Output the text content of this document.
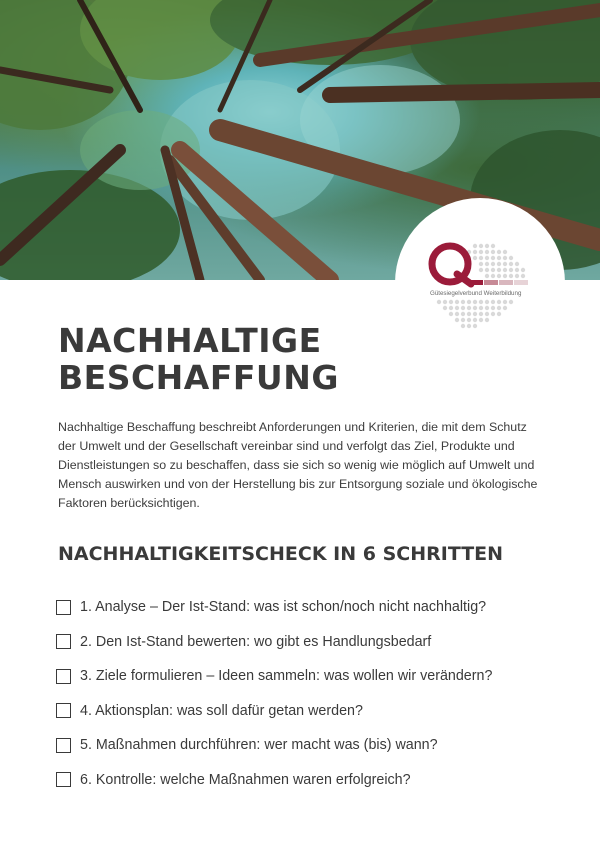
Gütesiegelverbund Weiterbildung
NACHHALTIGE
BESCHAFFUNG

Nachhaltige Beschaffung beschreibt Anforderungen und Kriterien, die mit dem Schutz der Umwelt und der Gesellschaft vereinbar sind und verfolgt das Ziel, Produkte und Dienstleistungen so zu beschaffen, dass sie sich so wenig wie möglich auf Umwelt und Mensch auswirken und von der Herstellung bis zur Entsorgung soziale und ökologische Faktoren berücksichtigen.

NACHHALTIGKEITSCHECK IN 6 SCHRITTEN
1. Analyse – Der Ist-Stand: was ist schon/noch nicht nachhaltig?
2. Den Ist-Stand bewerten: wo gibt es Handlungsbedarf
3. Ziele formulieren – Ideen sammeln: was wollen wir verändern?
4. Aktionsplan: was soll dafür getan werden?
5. Maßnahmen durchführen: wer macht was (bis) wann?
6. Kontrolle: welche Maßnahmen waren erfolgreich?
